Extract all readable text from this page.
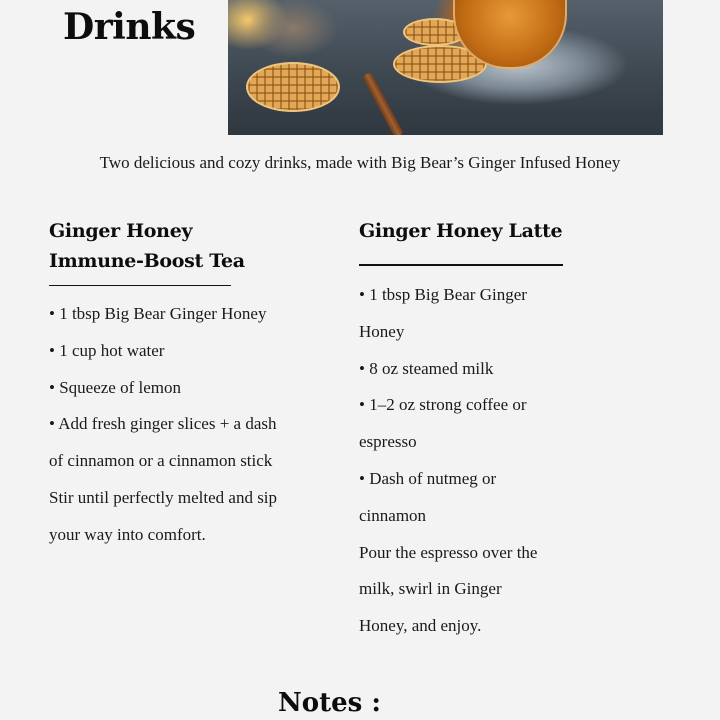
Drinks
Two delicious and cozy drinks, made with Big Bear’s Ginger Infused Honey
Ginger Honey
Immune-Boost Tea
• 1 tbsp Big Bear Ginger Honey
• 1 cup hot water
• Squeeze of lemon
• Add fresh ginger slices + a dash
of cinnamon or a cinnamon stick
Stir until perfectly melted and sip
your way into comfort.
Ginger Honey Latte
• 1 tbsp Big Bear Ginger
Honey
• 8 oz steamed milk
• 1–2 oz strong coffee or
espresso
• Dash of nutmeg or
cinnamon
Pour the espresso over the
milk, swirl in Ginger
Honey, and enjoy.
Notes :
